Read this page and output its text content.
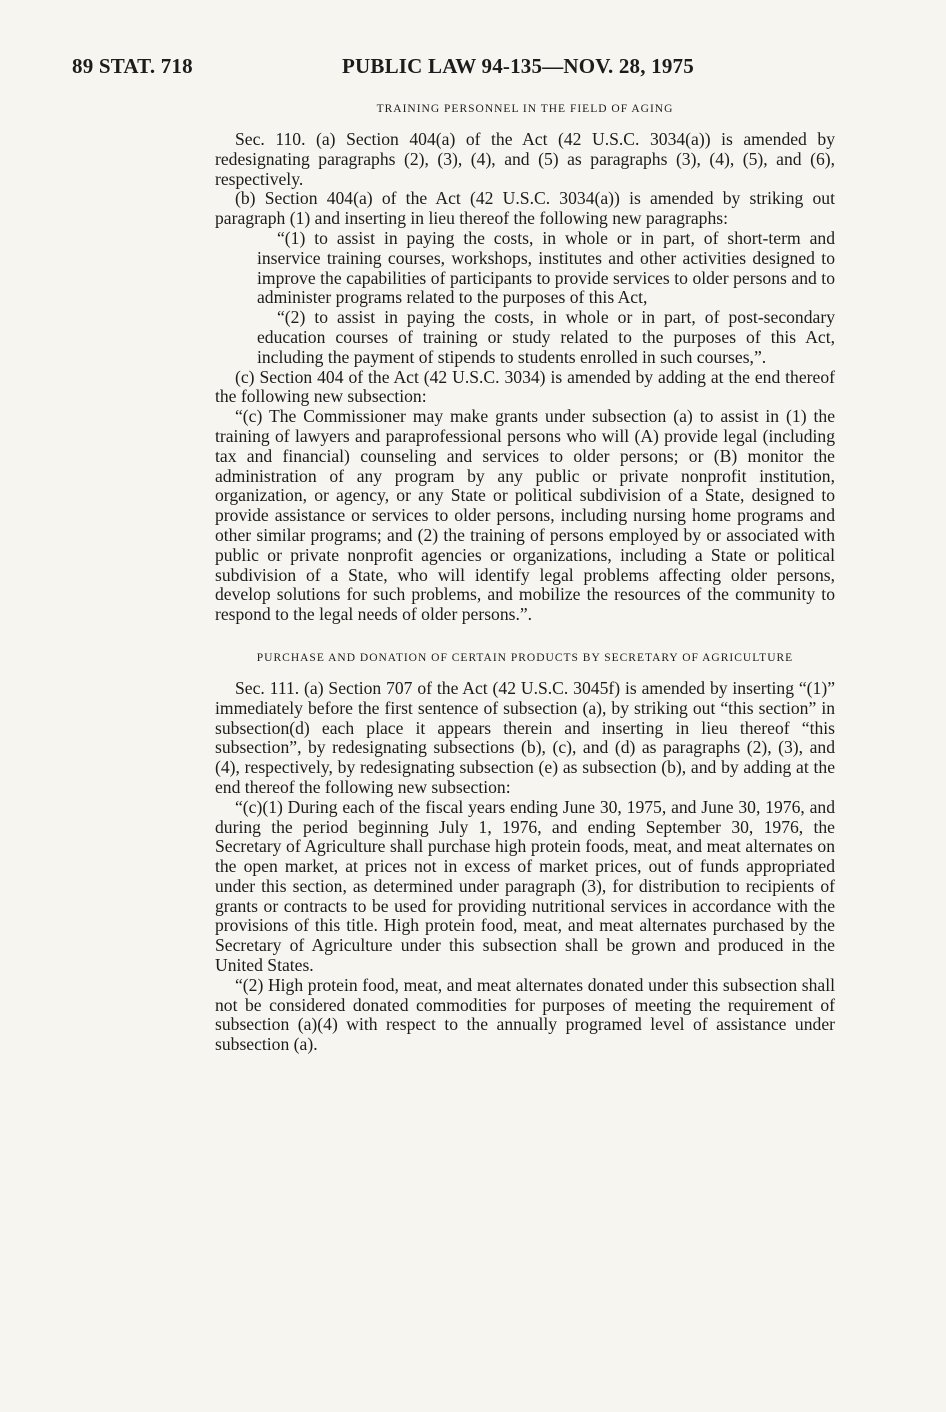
89 STAT. 718	PUBLIC LAW 94-135—NOV. 28, 1975
TRAINING PERSONNEL IN THE FIELD OF AGING

Sec. 110. (a) Section 404(a) of the Act (42 U.S.C. 3034(a)) is amended by redesignating paragraphs (2), (3), (4), and (5) as paragraphs (3), (4), (5), and (6), respectively.

(b) Section 404(a) of the Act (42 U.S.C. 3034(a)) is amended by striking out paragraph (1) and inserting in lieu thereof the following new paragraphs:

“(1) to assist in paying the costs, in whole or in part, of short-term and inservice training courses, workshops, institutes and other activities designed to improve the capabilities of participants to provide services to older persons and to administer programs related to the purposes of this Act,

“(2) to assist in paying the costs, in whole or in part, of post-secondary education courses of training or study related to the purposes of this Act, including the payment of stipends to students enrolled in such courses,”.

(c) Section 404 of the Act (42 U.S.C. 3034) is amended by adding at the end thereof the following new subsection:

“(c) The Commissioner may make grants under subsection (a) to assist in (1) the training of lawyers and paraprofessional persons who will (A) provide legal (including tax and financial) counseling and services to older persons; or (B) monitor the administration of any program by any public or private nonprofit institution, organization, or agency, or any State or political subdivision of a State, designed to provide assistance or services to older persons, including nursing home programs and other similar programs; and (2) the training of persons employed by or associated with public or private nonprofit agencies or organizations, including a State or political subdivision of a State, who will identify legal problems affecting older persons, develop solutions for such problems, and mobilize the resources of the community to respond to the legal needs of older persons.”.

PURCHASE AND DONATION OF CERTAIN PRODUCTS BY SECRETARY OF AGRICULTURE

Sec. 111. (a) Section 707 of the Act (42 U.S.C. 3045f) is amended by inserting “(1)” immediately before the first sentence of subsection (a), by striking out “this section” in subsection(d) each place it appears therein and inserting in lieu thereof “this subsection”, by redesignating subsections (b), (c), and (d) as paragraphs (2), (3), and (4), respectively, by redesignating subsection (e) as subsection (b), and by adding at the end thereof the following new subsection:

“(c)(1) During each of the fiscal years ending June 30, 1975, and June 30, 1976, and during the period beginning July 1, 1976, and ending September 30, 1976, the Secretary of Agriculture shall purchase high protein foods, meat, and meat alternates on the open market, at prices not in excess of market prices, out of funds appropriated under this section, as determined under paragraph (3), for distribution to recipients of grants or contracts to be used for providing nutritional services in accordance with the provisions of this title. High protein food, meat, and meat alternates purchased by the Secretary of Agriculture under this subsection shall be grown and produced in the United States.

“(2) High protein food, meat, and meat alternates donated under this subsection shall not be considered donated commodities for purposes of meeting the requirement of subsection (a)(4) with respect to the annually programed level of assistance under subsection (a).
